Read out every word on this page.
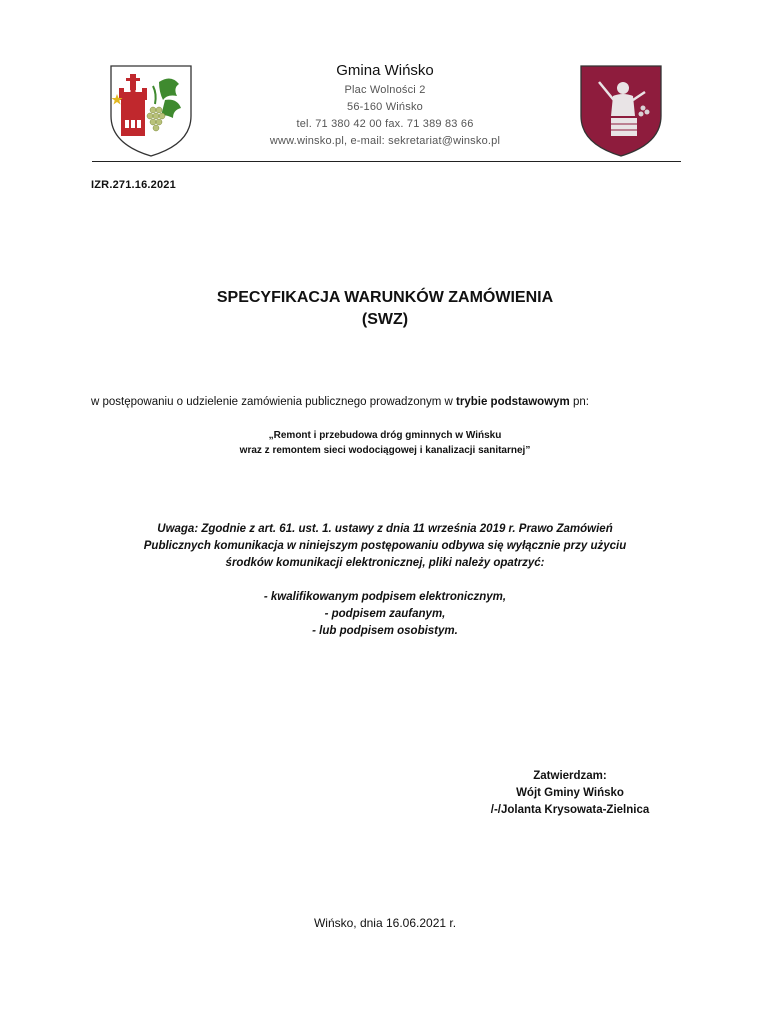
Gmina Wińsko
Plac Wolności 2
56-160 Wińsko
tel. 71 380 42 00 fax. 71 389 83 66
www.winsko.pl, e-mail: sekretariat@winsko.pl
IZR.271.16.2021
SPECYFIKACJA WARUNKÓW ZAMÓWIENIA
(SWZ)
w postępowaniu o udzielenie zamówienia publicznego prowadzonym w trybie podstawowym pn:
„Remont i przebudowa dróg gminnych w Wińsku
wraz z remontem sieci wodociągowej i kanalizacji sanitarnej”
Uwaga: Zgodnie z art. 61. ust. 1. ustawy z dnia 11 września 2019 r. Prawo Zamówień
Publicznych komunikacja w niniejszym postępowaniu odbywa się wyłącznie przy użyciu
środków komunikacji elektronicznej, pliki należy opatrzyć:
- kwalifikowanym podpisem elektronicznym,
- podpisem zaufanym,
- lub podpisem osobistym.
Zatwierdzam:
Wójt Gminy Wińsko
/-/Jolanta Krysowata-Zielnica
Wińsko, dnia 16.06.2021 r.
